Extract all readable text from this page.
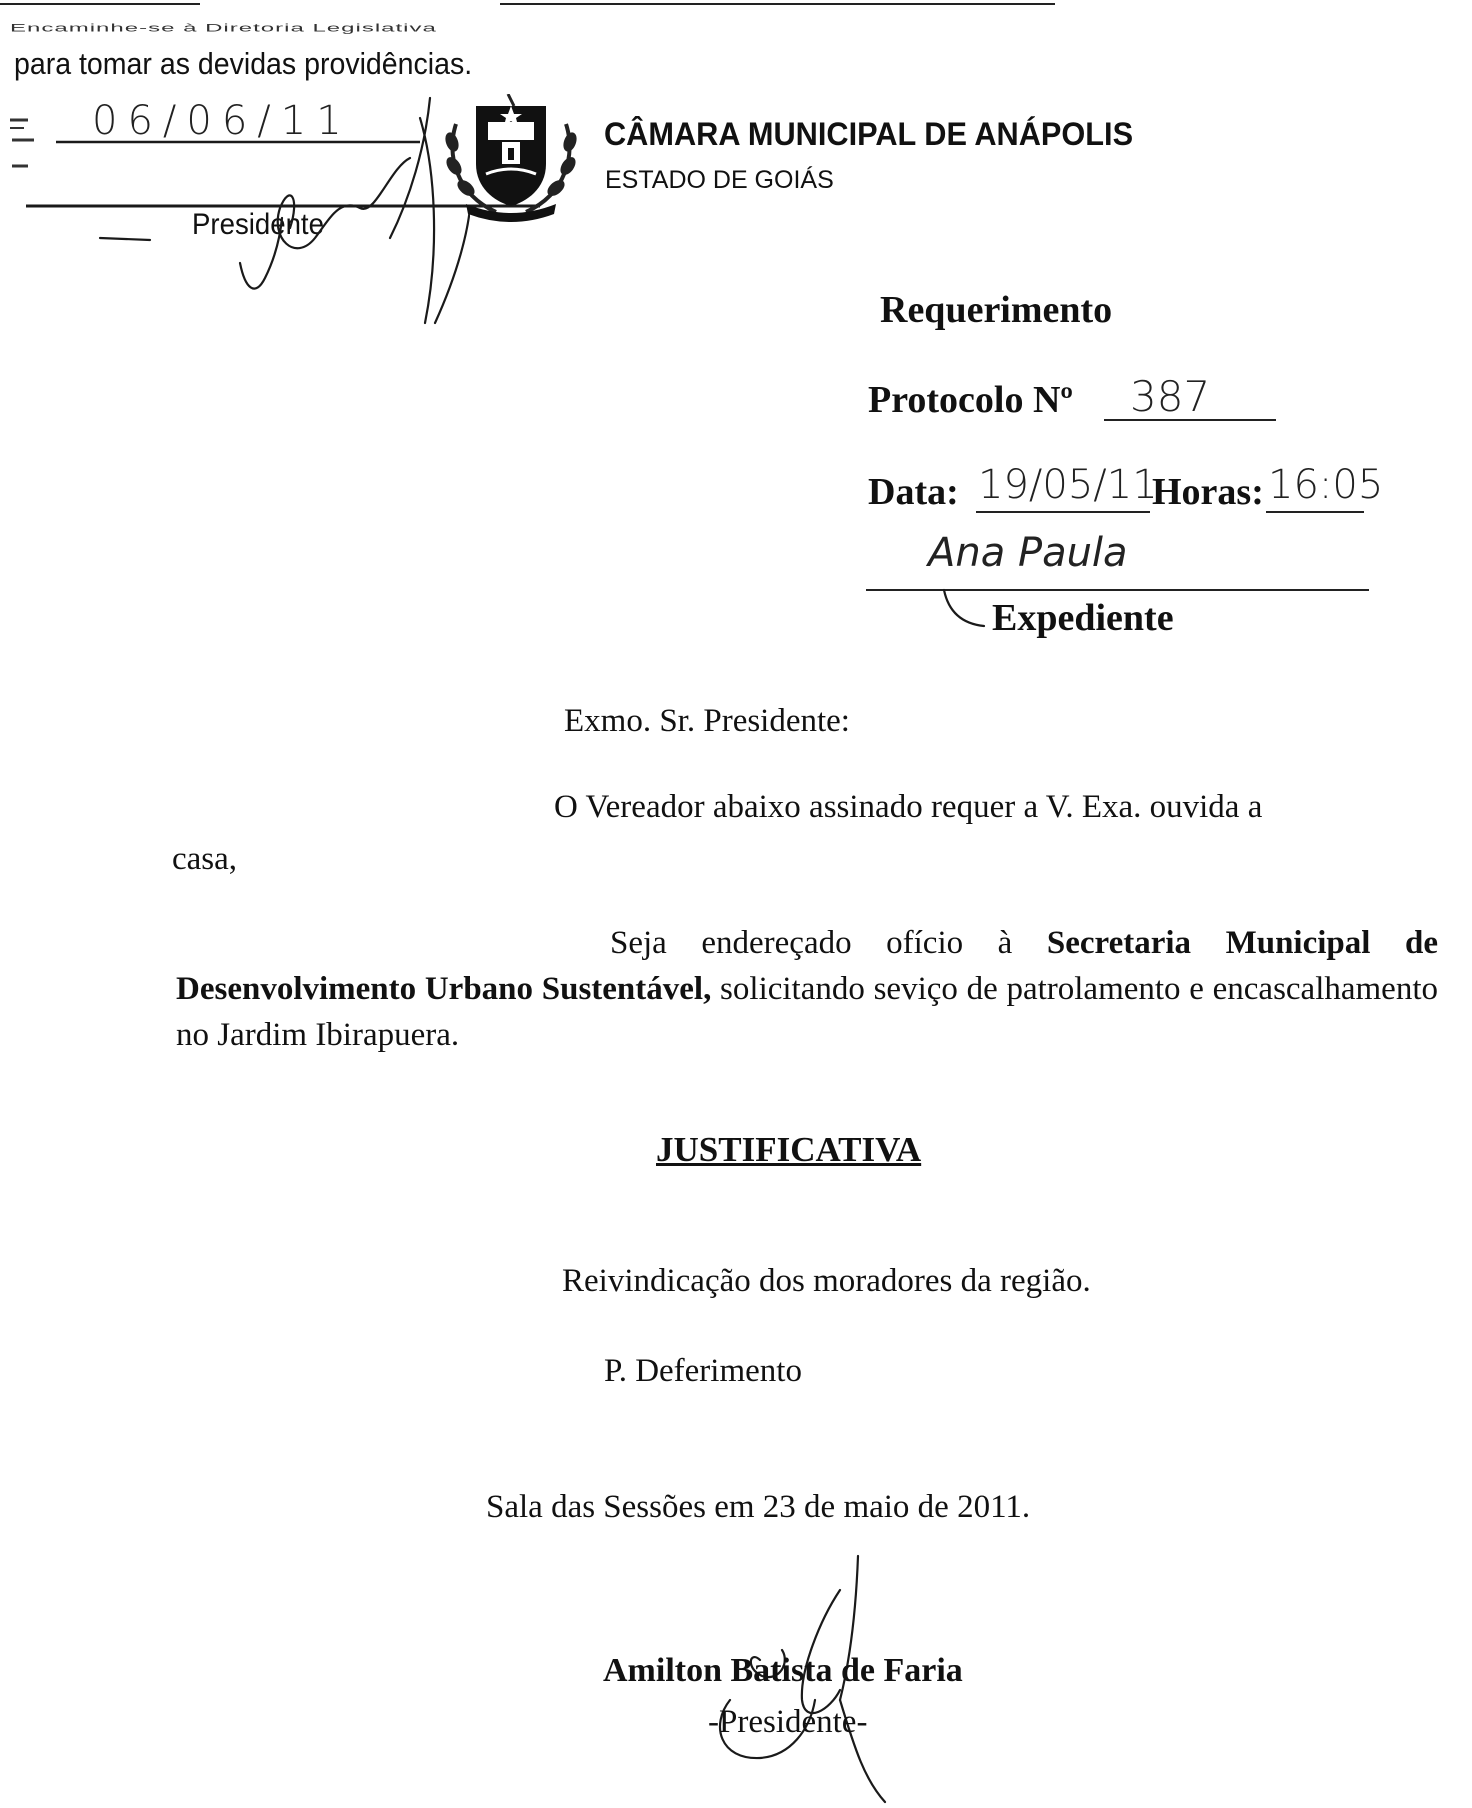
Encaminhe-se à Diretoria Legislativa
para tomar as devidas providências.
06/06/11
Presidente
CÂMARA MUNICIPAL DE ANÁPOLIS
ESTADO DE GOIÁS
Requerimento
Protocolo Nº 387
Data: 19/05/11
Horas: 16:05
Ana Paula
Expediente
Exmo. Sr. Presidente:
O Vereador abaixo assinado requer a V. Exa. ouvida a
casa,
Seja endereçado ofício à Secretaria Municipal de Desenvolvimento Urbano Sustentável, solicitando seviço de patrolamento e encascalhamento no Jardim Ibirapuera.
JUSTIFICATIVA
Reivindicação dos moradores da região.
P. Deferimento
Sala das Sessões em 23 de maio de 2011.
Amilton Batista de Faria
-Presidente-
